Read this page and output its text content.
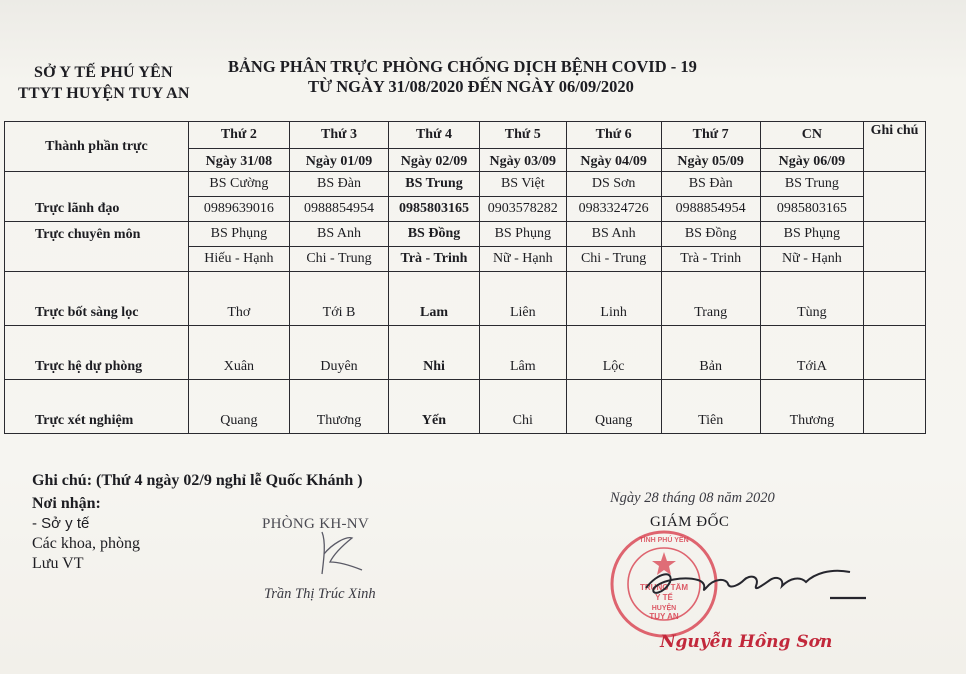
SỞ Y TẾ PHÚ YÊN
TTYT HUYỆN TUY AN
BẢNG PHÂN TRỰC PHÒNG CHỐNG DỊCH BỆNH COVID - 19
TỪ NGÀY 31/08/2020 ĐẾN NGÀY 06/09/2020
Thành phần trực	Thứ 2	Thứ 3	Thứ 4	Thứ 5	Thứ 6	Thứ 7	CN	Ghi chú
	Ngày 31/08	Ngày 01/09	Ngày 02/09	Ngày 03/09	Ngày 04/09	Ngày 05/09	Ngày 06/09	
Trực lãnh đạo	BS Cường	BS Đàn	BS Trung	BS Việt	DS Sơn	BS Đàn	BS Trung	
	0989639016	0988854954	0985803165	0903578282	0983324726	0988854954	0985803165	
Trực chuyên môn	BS Phụng	BS Anh	BS Đồng	BS Phụng	BS Anh	BS Đồng	BS Phụng	
	Hiếu - Hạnh	Chi - Trung	Trà - Trinh	Nữ - Hạnh	Chi - Trung	Trà - Trinh	Nữ - Hạnh	
Trực bốt sàng lọc	Thơ	Tới B	Lam	Liên	Linh	Trang	Tùng	
Trực hệ dự phòng	Xuân	Duyên	Nhi	Lâm	Lộc	Bản	TớiA	
Trực xét nghiệm	Quang	Thương	Yến	Chi	Quang	Tiên	Thương	
Ghi chú: (Thứ 4 ngày 02/9 nghỉ lễ Quốc Khánh )
Nơi nhận:
- Sở y tế
Các khoa, phòng
Lưu VT
PHÒNG KH-NV
Trần Thị Trúc Xinh
Ngày 28 tháng 08 năm 2020
GIÁM ĐỐC
TRUNG TÂM
Y TẾ
HUYỆN
TUY AN
TỈNH PHÚ YÊN
Nguyễn Hồng Sơn
